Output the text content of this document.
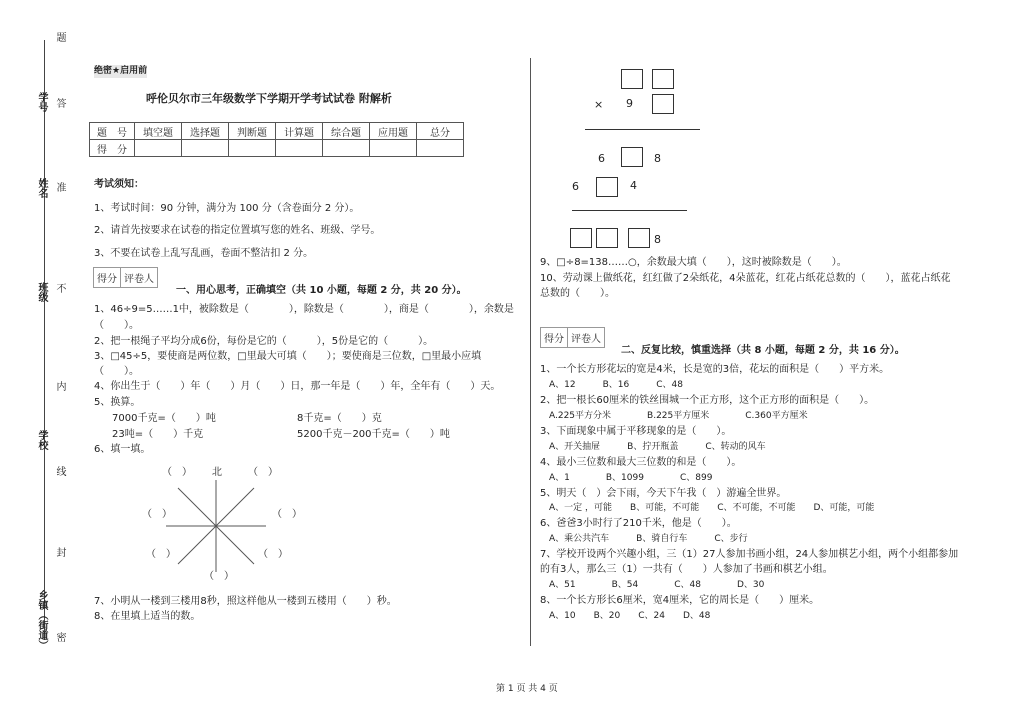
题
学号 答
姓名 准
班级 不
内
学校
线
封
乡镇（街道） 密
绝密★启用前
呼伦贝尔市三年级数学下学期开学考试试卷 附解析
题　号	填空题	选择题	判断题	计算题	综合题	应用题	总分
得　分							
考试须知：
1、考试时间：90 分钟，满分为 100 分（含卷面分 2 分）。
2、请首先按要求在试卷的指定位置填写您的姓名、班级、学号。
3、不要在试卷上乱写乱画，卷面不整洁扣 2 分。
得分 评卷人
一、用心思考，正确填空（共 10 小题，每题 2 分，共 20 分）。
1、46÷9=5……1中，被除数是（　　　　），除数是（　　　　），商是（　　　　），余数是
（　　）。
2、把一根绳子平均分成6份，每份是它的（　　　），5份是它的（　　　）。
3、□45÷5，要使商是两位数，□里最大可填（　　）；要使商是三位数，□里最小应填
（　　）。
4、你出生于（　　）年（　　）月（　　）日，那一年是（　　）年，全年有（　　）天。
5、换算。
7000千克=（　　）吨	8千克=（　　）克
23吨=（　　）千克	5200千克－200千克=（　　）吨
6、填一填。
北
（　）	（　）
（　）	（　）
（　）	（　）
（　）
7、小明从一楼到三楼用8秒，照这样他从一楼到五楼用（　　）秒。
8、在里填上适当的数。
× 9
6	8
6	4
8
9、□÷8=138……○，余数最大填（　　），这时被除数是（　　）。
10、劳动课上做纸花，红红做了2朵纸花，4朵蓝花，红花占纸花总数的（　　），蓝花占纸花
总数的（　　）。
得分 评卷人
二、反复比较，慎重选择（共 8 小题，每题 2 分，共 16 分）。
1、一个长方形花坛的宽是4米，长是宽的3倍，花坛的面积是（　　）平方米。
　A、12　　　B、16　　　C、48
2、把一根长60厘米的铁丝围城一个正方形，这个正方形的面积是（　　）。
　A.225平方分米　　　　B.225平方厘米　　　　C.360平方厘米
3、下面现象中属于平移现象的是（　　）。
　A、开关抽屉　　　B、拧开瓶盖　　　C、转动的风车
4、最小三位数和最大三位数的和是（　　）。
　A、1　　　　B、1099　　　　C、899
5、明天（　）会下雨，今天下午我（　）游遍全世界。
　A、一定 ，可能　　B、可能，不可能　　C、不可能，不可能　　D、可能，可能
6、爸爸3小时行了210千米，他是（　　）。
　A、乘公共汽车　　　B、骑自行车　　　C、步行
7、学校开设两个兴趣小组，三（1）27人参加书画小组，24人参加棋艺小组，两个小组都参加
的有3人，那么三（1）一共有（　　）人参加了书画和棋艺小组。
　A、51　　　　B、54　　　　C、48　　　　D、30
8、一个长方形长6厘米，宽4厘米，它的周长是（　　）厘米。
　A、10　　B、20　　C、24　　D、48
第 1 页 共 4 页
